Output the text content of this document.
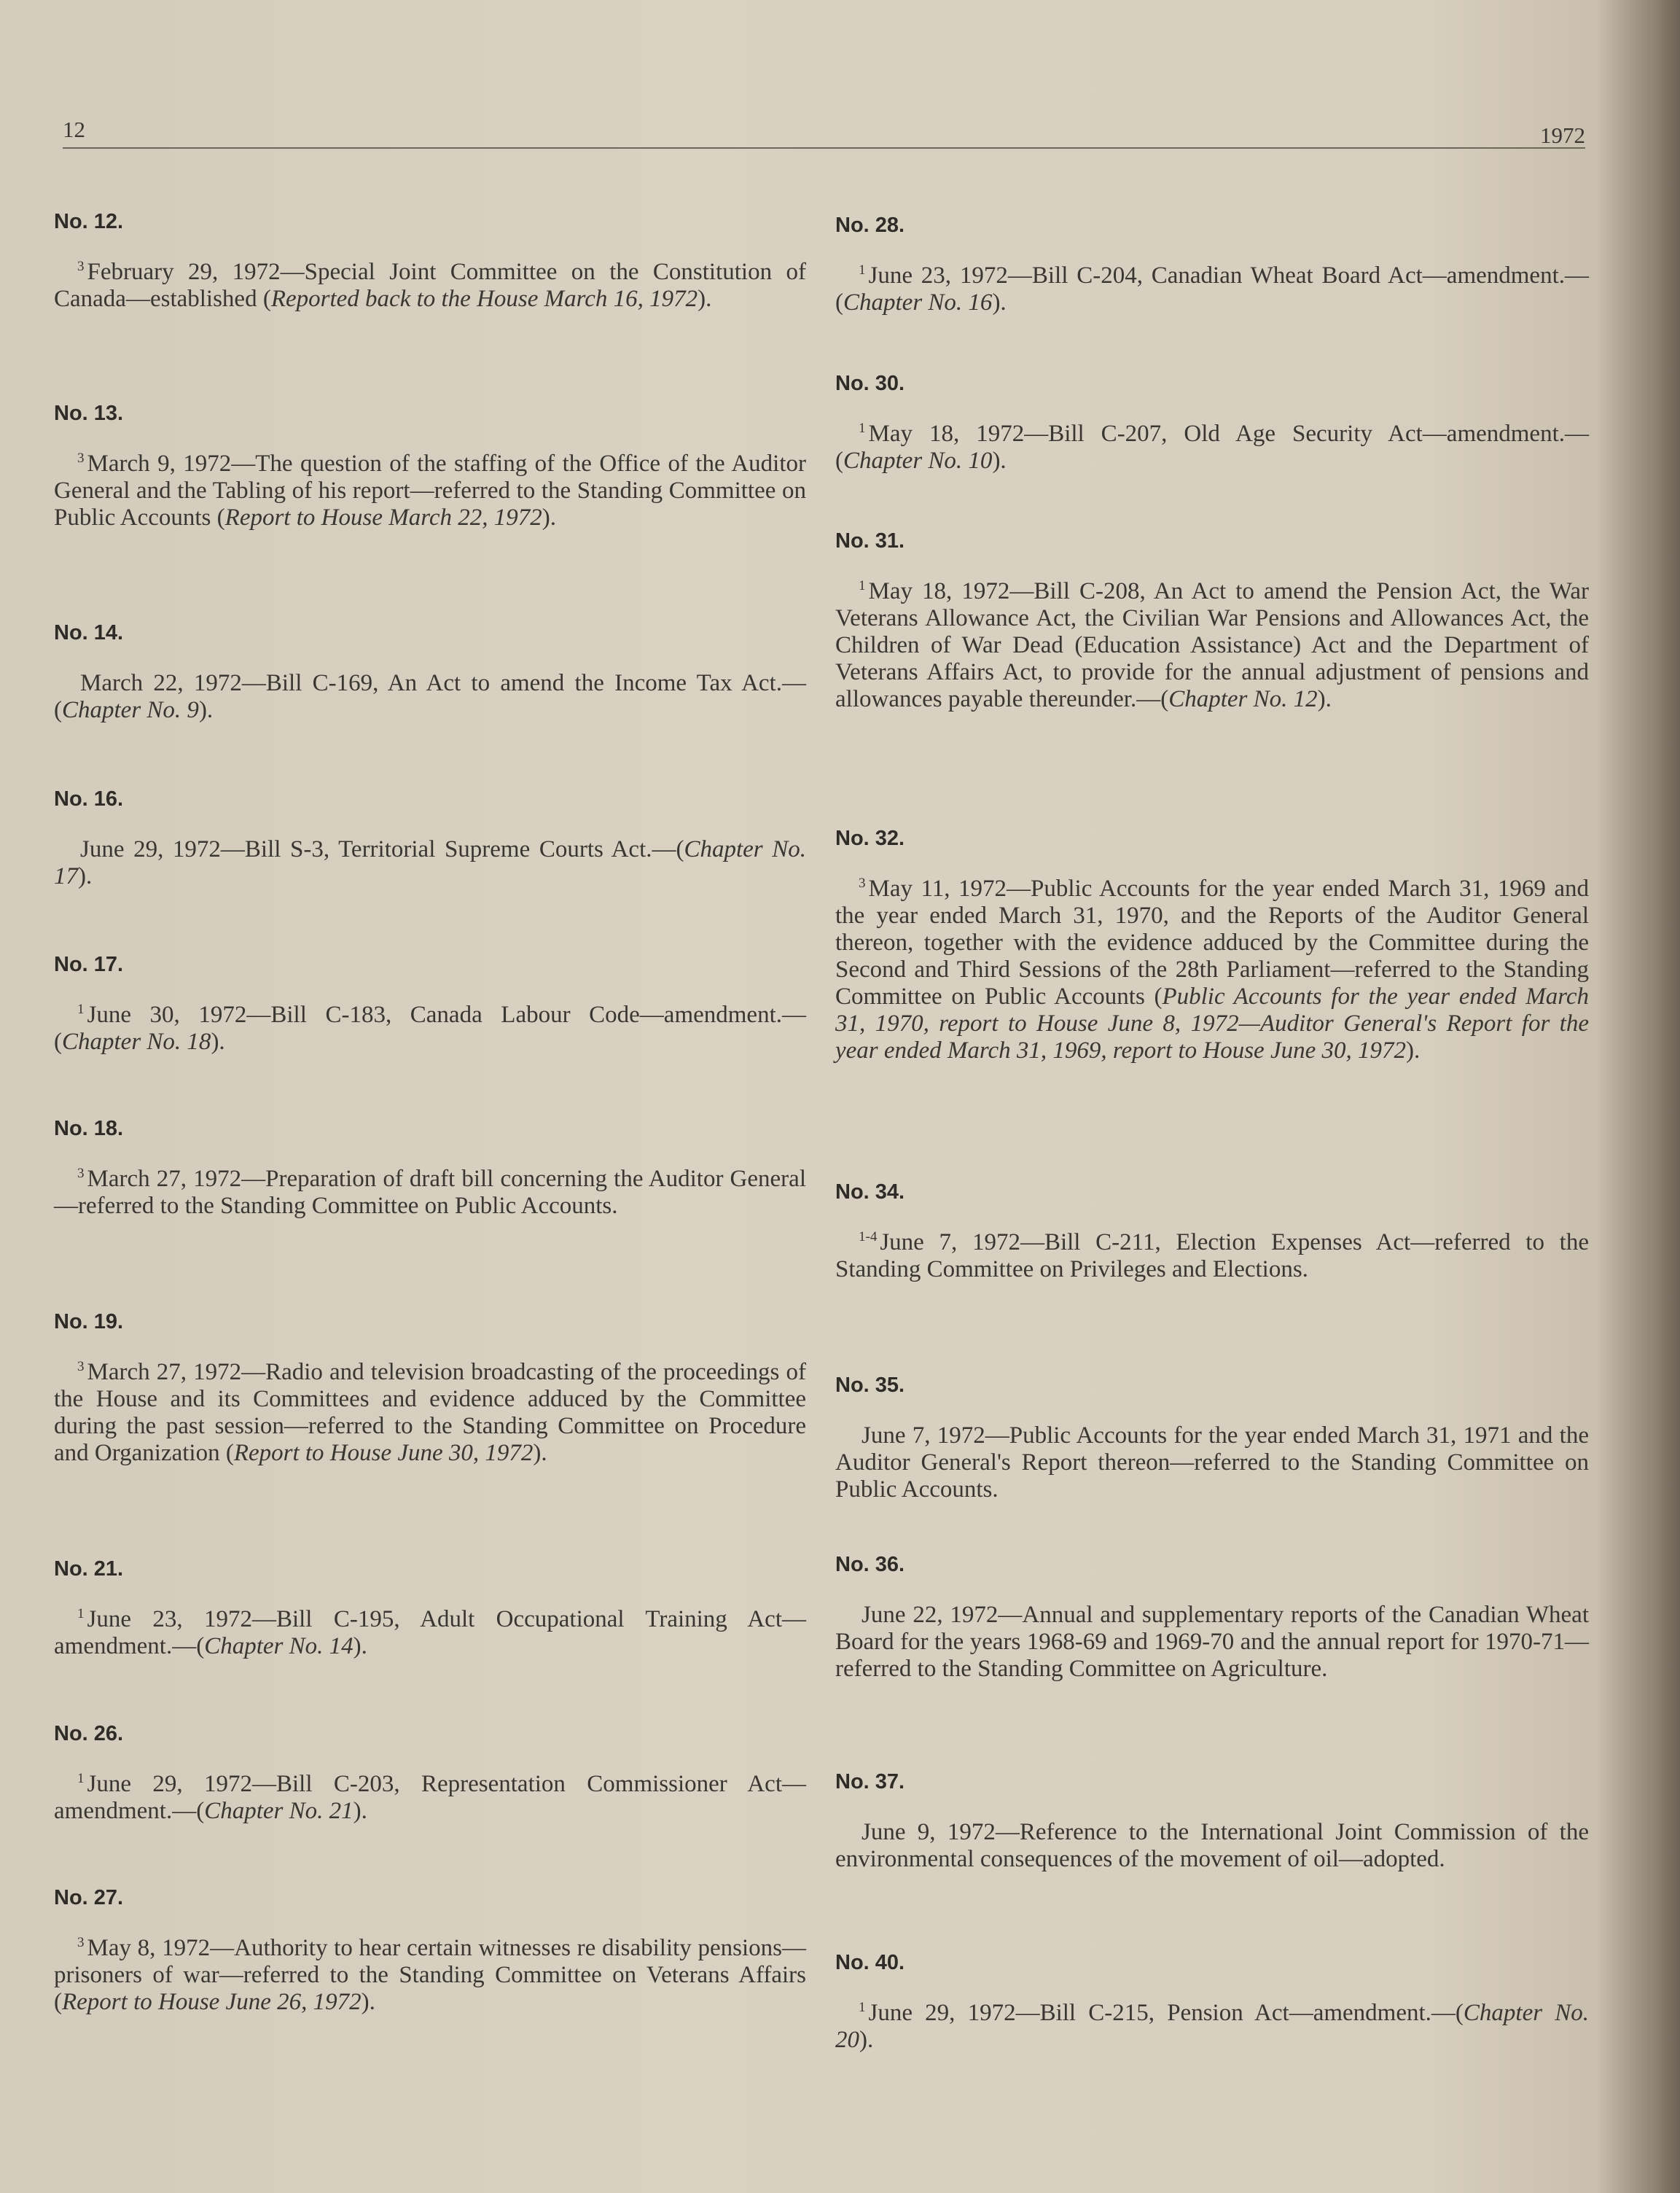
12	1972
No. 12.

$^3$ February 29, 1972—Special Joint Committee on the Constitution of Canada—established (Reported back to the House March 16, 1972).

No. 13.

$^3$ March 9, 1972—The question of the staffing of the Office of the Auditor General and the Tabling of his report—referred to the Standing Committee on Public Accounts (Report to House March 22, 1972).

No. 14.

March 22, 1972—Bill C-169, An Act to amend the Income Tax Act.—(Chapter No. 9).

No. 16.

June 29, 1972—Bill S-3, Territorial Supreme Courts Act.—(Chapter No. 17).

No. 17.

$^1$ June 30, 1972—Bill C-183, Canada Labour Code—amendment.—(Chapter No. 18).

No. 18.

$^3$ March 27, 1972—Preparation of draft bill concerning the Auditor General—referred to the Standing Committee on Public Accounts.

No. 19.

$^3$ March 27, 1972—Radio and television broadcasting of the proceedings of the House and its Committees and evidence adduced by the Committee during the past session—referred to the Standing Committee on Procedure and Organization (Report to House June 30, 1972).

No. 21.

$^1$ June 23, 1972—Bill C-195, Adult Occupational Training Act—amendment.—(Chapter No. 14).

No. 26.

$^1$ June 29, 1972—Bill C-203, Representation Commissioner Act—amendment.—(Chapter No. 21).

No. 27.

$^3$ May 8, 1972—Authority to hear certain witnesses re disability pensions—prisoners of war—referred to the Standing Committee on Veterans Affairs (Report to House June 26, 1972).

No. 28.

$^1$ June 23, 1972—Bill C-204, Canadian Wheat Board Act—amendment.—(Chapter No. 16).

No. 30.

$^1$ May 18, 1972—Bill C-207, Old Age Security Act—amendment.—(Chapter No. 10).

No. 31.

$^1$ May 18, 1972—Bill C-208, An Act to amend the Pension Act, the War Veterans Allowance Act, the Civilian War Pensions and Allowances Act, the Children of War Dead (Education Assistance) Act and the Department of Veterans Affairs Act, to provide for the annual adjustment of pensions and allowances payable thereunder.—(Chapter No. 12).

No. 32.

$^3$ May 11, 1972—Public Accounts for the year ended March 31, 1969 and the year ended March 31, 1970, and the Reports of the Auditor General thereon, together with the evidence adduced by the Committee during the Second and Third Sessions of the 28th Parliament—referred to the Standing Committee on Public Accounts (Public Accounts for the year ended March 31, 1970, report to House June 8, 1972—Auditor General's Report for the year ended March 31, 1969, report to House June 30, 1972).

No. 34.

$^{1-4}$ June 7, 1972—Bill C-211, Election Expenses Act—referred to the Standing Committee on Privileges and Elections.

No. 35.

June 7, 1972—Public Accounts for the year ended March 31, 1971 and the Auditor General's Report thereon—referred to the Standing Committee on Public Accounts.

No. 36.

June 22, 1972—Annual and supplementary reports of the Canadian Wheat Board for the years 1968-69 and 1969-70 and the annual report for 1970-71—referred to the Standing Committee on Agriculture.

No. 37.

June 9, 1972—Reference to the International Joint Commission of the environmental consequences of the movement of oil—adopted.

No. 40.

$^1$ June 29, 1972—Bill C-215, Pension Act—amendment.—(Chapter No. 20).
